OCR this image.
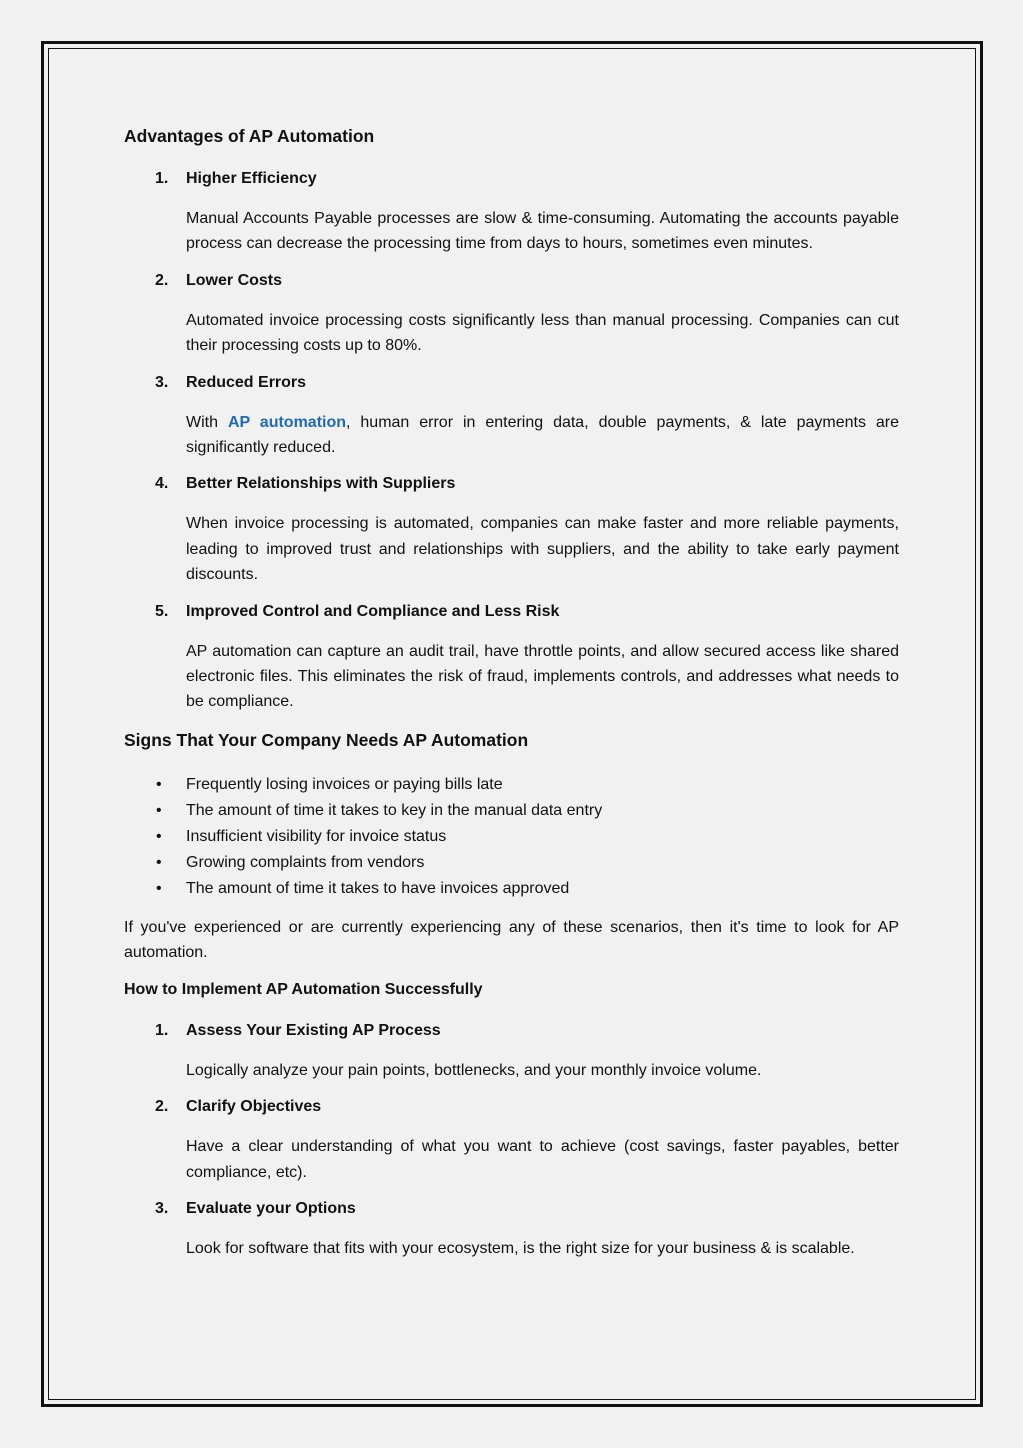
Advantages of AP Automation
1. Higher Efficiency
Manual Accounts Payable processes are slow & time-consuming. Automating the accounts payable process can decrease the processing time from days to hours, sometimes even minutes.
2. Lower Costs
Automated invoice processing costs significantly less than manual processing. Companies can cut their processing costs up to 80%.
3. Reduced Errors
With AP automation, human error in entering data, double payments, & late payments are significantly reduced.
4. Better Relationships with Suppliers
When invoice processing is automated, companies can make faster and more reliable payments, leading to improved trust and relationships with suppliers, and the ability to take early payment discounts.
5. Improved Control and Compliance and Less Risk
AP automation can capture an audit trail, have throttle points, and allow secured access like shared electronic files. This eliminates the risk of fraud, implements controls, and addresses what needs to be compliance.
Signs That Your Company Needs AP Automation
• Frequently losing invoices or paying bills late
• The amount of time it takes to key in the manual data entry
• Insufficient visibility for invoice status
• Growing complaints from vendors
• The amount of time it takes to have invoices approved
If you've experienced or are currently experiencing any of these scenarios, then it's time to look for AP automation.
How to Implement AP Automation Successfully
1. Assess Your Existing AP Process
Logically analyze your pain points, bottlenecks, and your monthly invoice volume.
2. Clarify Objectives
Have a clear understanding of what you want to achieve (cost savings, faster payables, better compliance, etc).
3. Evaluate your Options
Look for software that fits with your ecosystem, is the right size for your business & is scalable.
